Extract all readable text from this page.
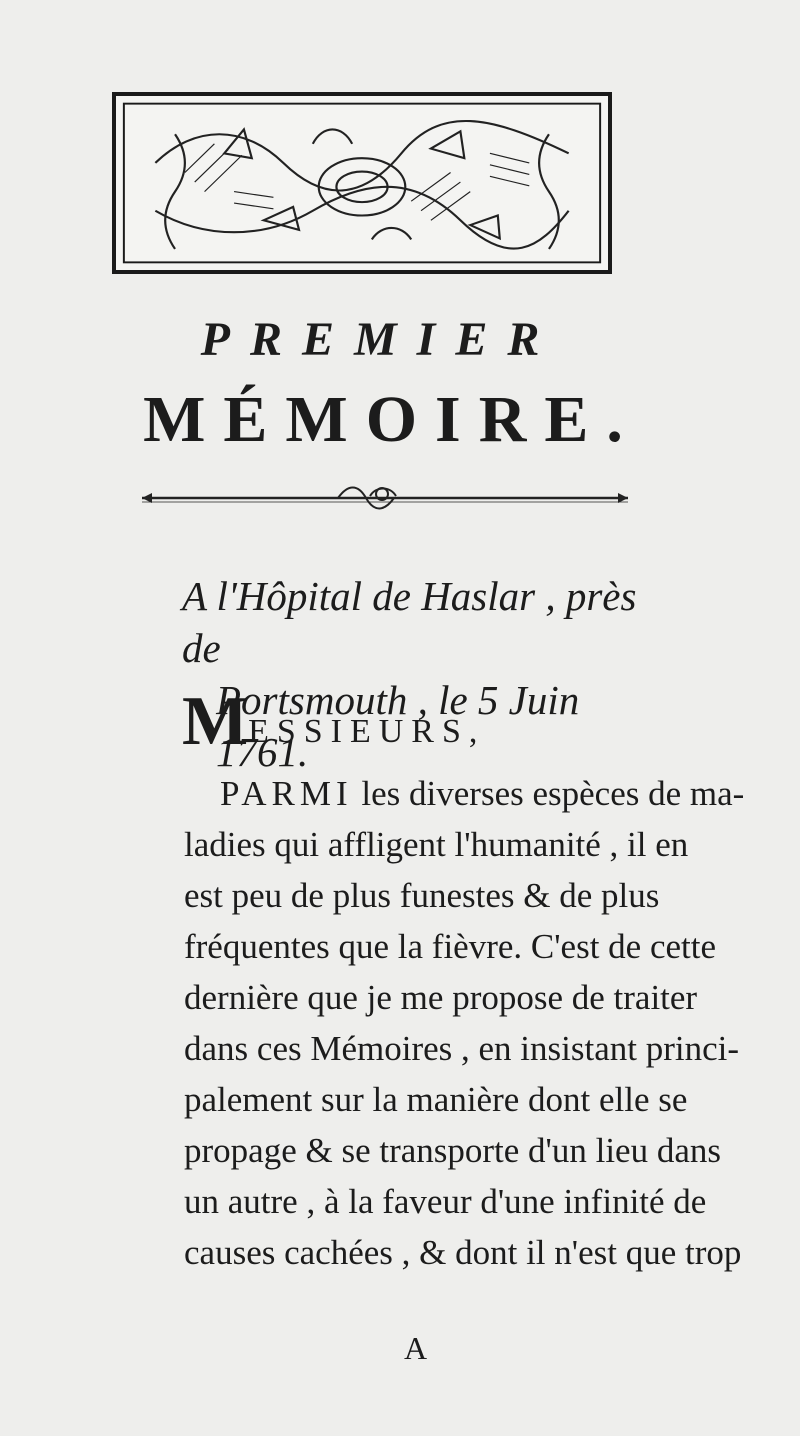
PREMIER
MÉMOIRE.
A l'Hôpital de Haslar , près de
Portsmouth , le 5 Juin 1761.
MESSIEURS,
PARMI les diverses espèces de ma-
ladies qui affligent l'humanité , il en
est peu de plus funestes & de plus
fréquentes que la fièvre. C'est de cette
dernière que je me propose de traiter
dans ces Mémoires , en insistant princi-
palement sur la manière dont elle se
propage & se transporte d'un lieu dans
un autre , à la faveur d'une infinité de
causes cachées , & dont il n'est que trop
A
